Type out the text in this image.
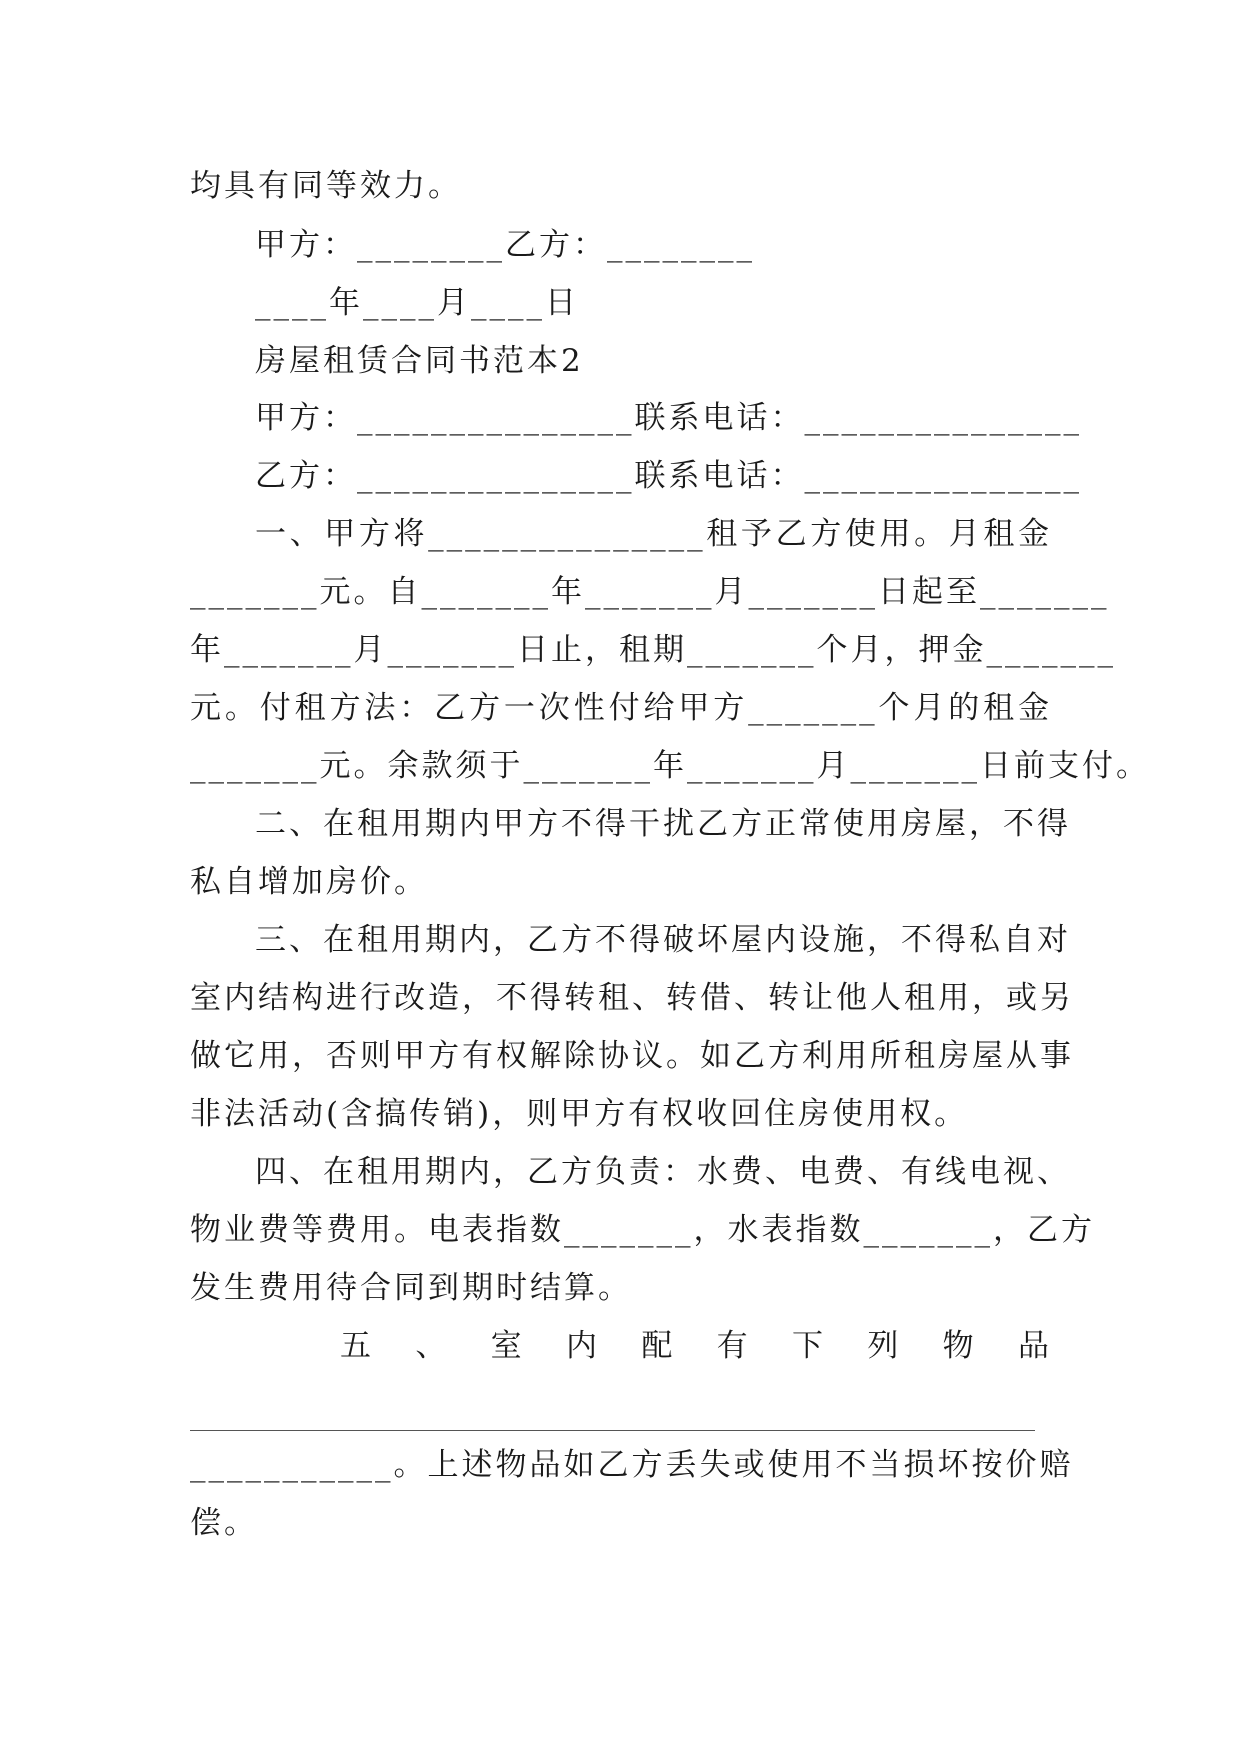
均具有同等效力。
甲方：________乙方：________
____年____月____日
房屋租赁合同书范本2
甲方：_______________联系电话：_______________
乙方：_______________联系电话：_______________
一、甲方将_______________租予乙方使用。月租金
_______元。自_______年_______月_______日起至_______
年_______月_______日止，租期_______个月，押金_______
元。付租方法：乙方一次性付给甲方_______个月的租金
_______元。余款须于_______年_______月_______日前支付。
二、在租用期内甲方不得干扰乙方正常使用房屋，不得
私自增加房价。
三、在租用期内，乙方不得破坏屋内设施，不得私自对
室内结构进行改造，不得转租、转借、转让他人租用，或另
做它用，否则甲方有权解除协议。如乙方利用所租房屋从事
非法活动(含搞传销)，则甲方有权收回住房使用权。
四、在租用期内，乙方负责：水费、电费、有线电视、
物业费等费用。电表指数_______，水表指数_______，乙方
发生费用待合同到期时结算。
五、室内配有下列物品
___________。上述物品如乙方丢失或使用不当损坏按价赔
偿。
